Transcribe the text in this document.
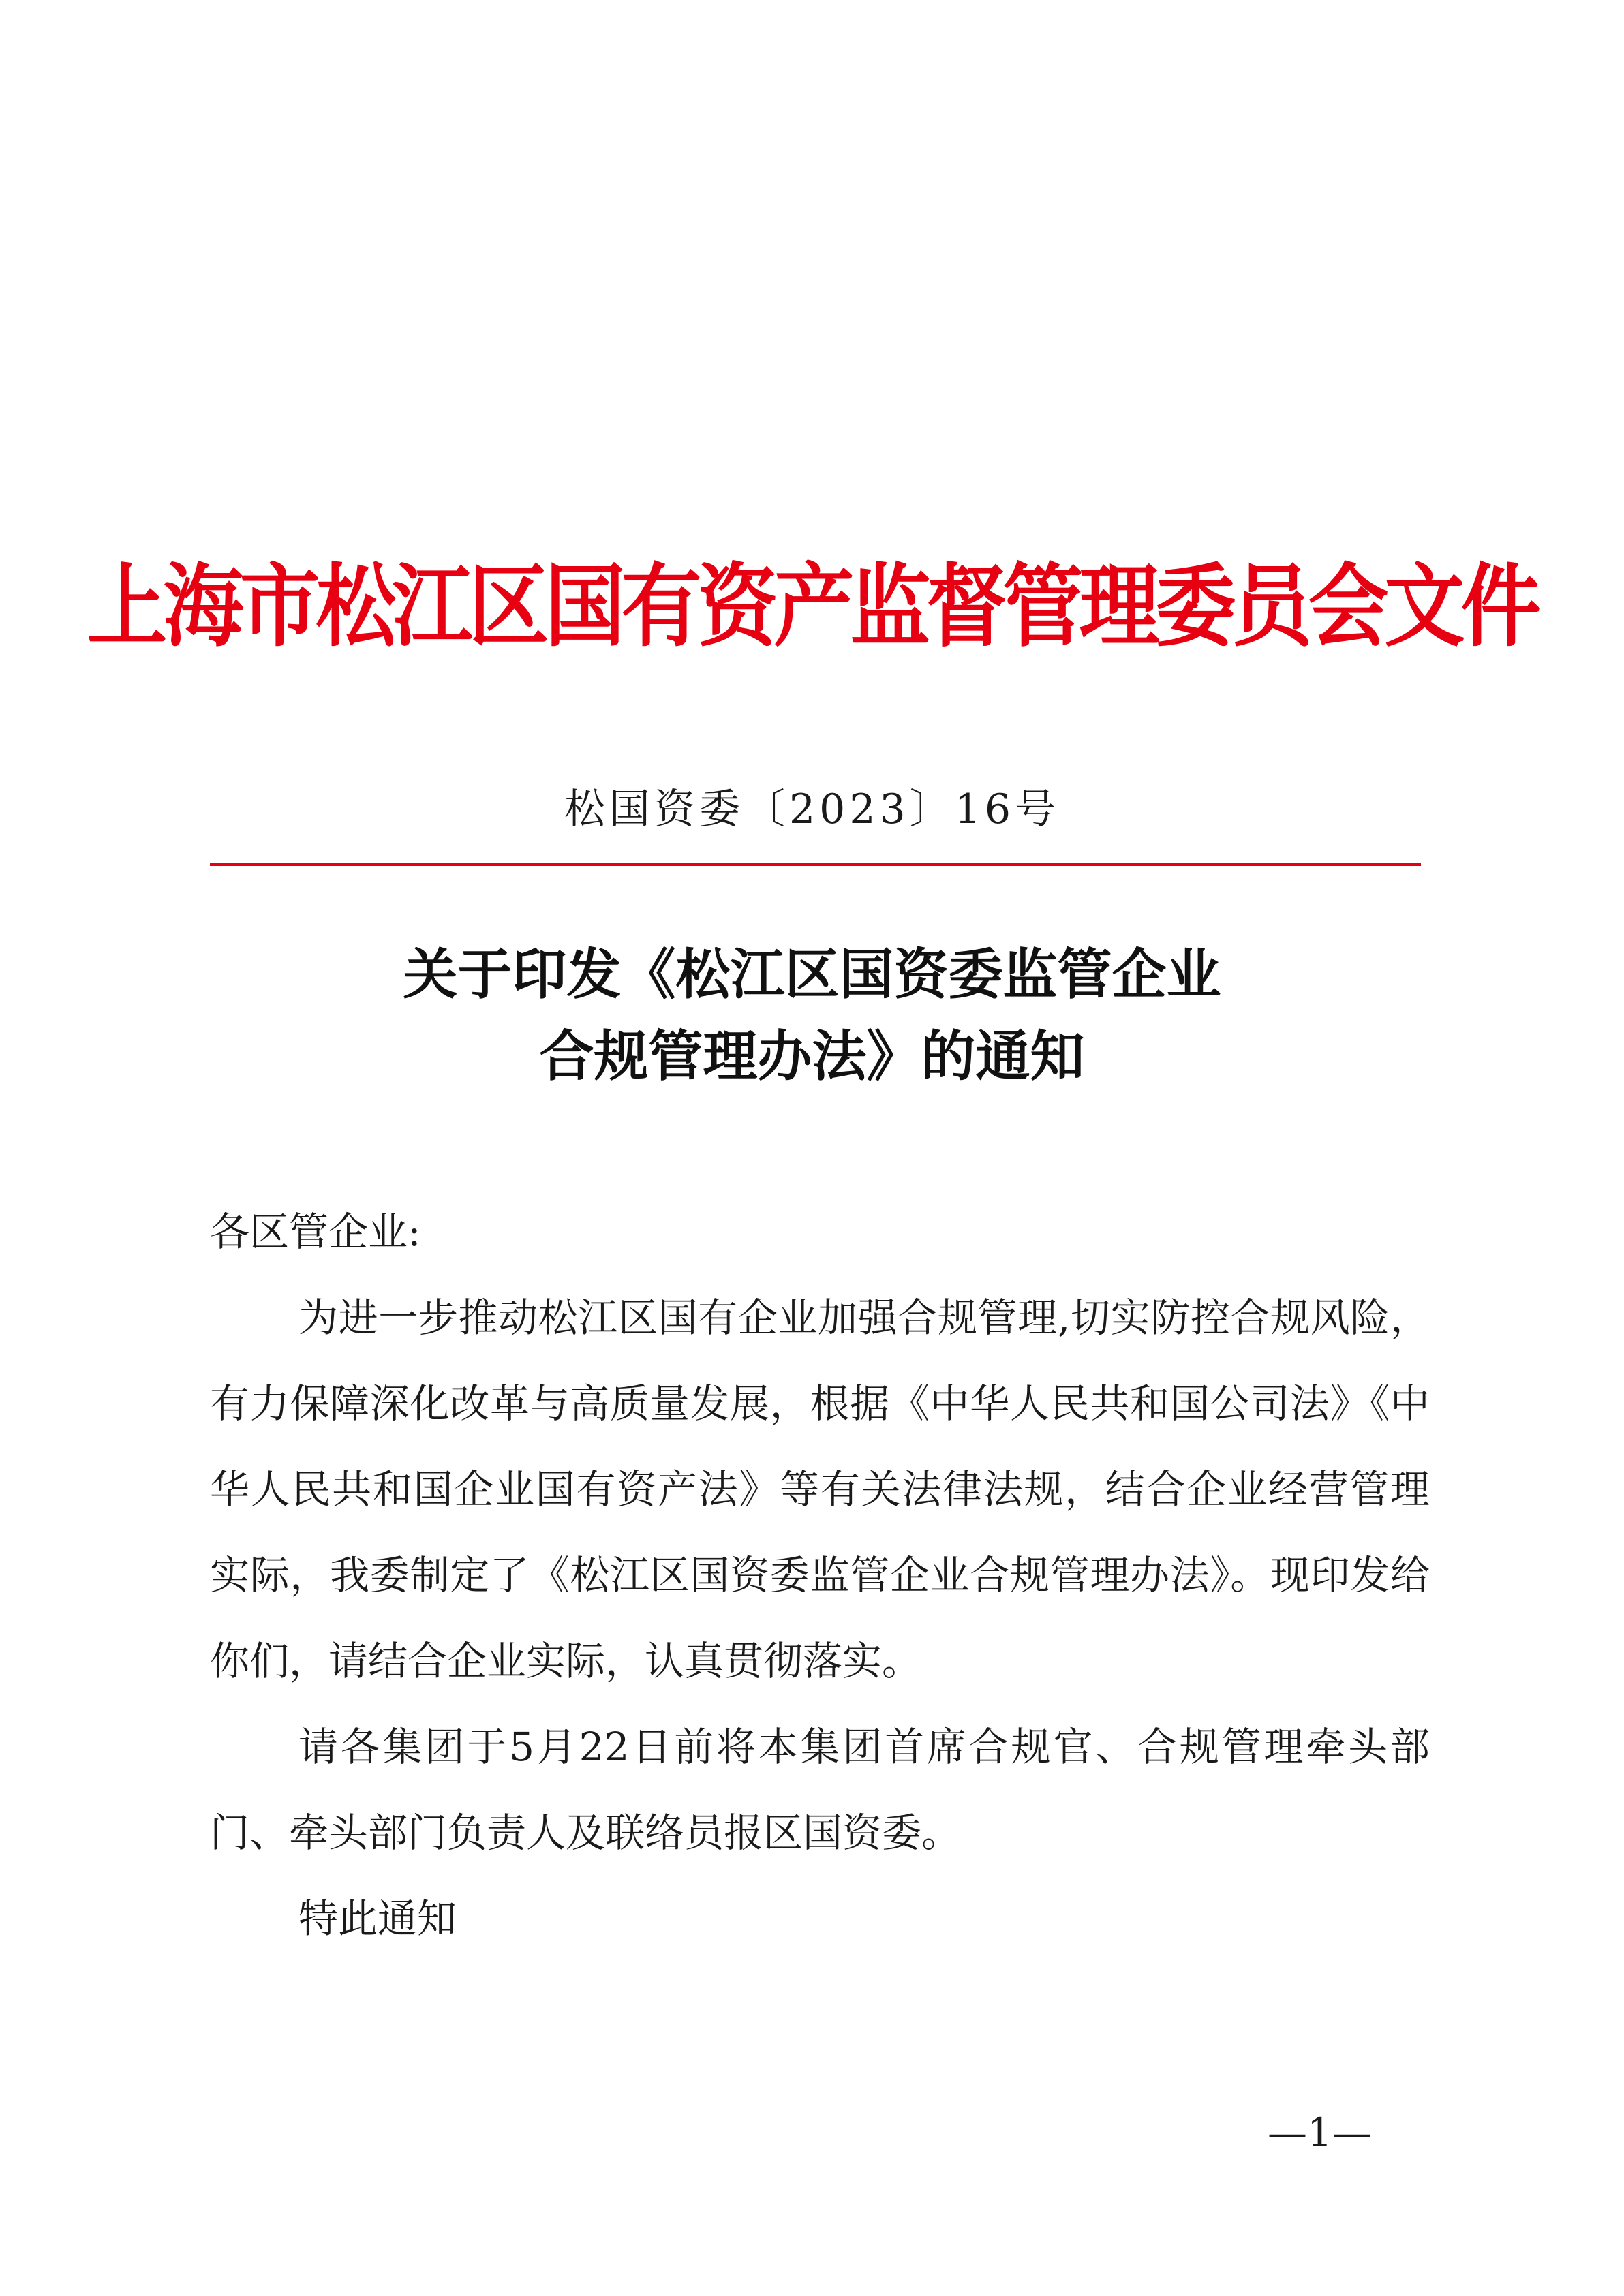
上海市松江区国有资产监督管理委员会文件
松国资委〔2023〕16号
关于印发《松江区国资委监管企业
合规管理办法》的通知
各区管企业:

为进一步推动松江区国有企业加强合规管理,切实防控合规风险，有力保障深化改革与高质量发展，根据《中华人民共和国公司法》《中华人民共和国企业国有资产法》等有关法律法规，结合企业经营管理实际，我委制定了《松江区国资委监管企业合规管理办法》。现印发给你们，请结合企业实际，认真贯彻落实。

请各集团于5月22日前将本集团首席合规官、合规管理牵头部门、牵头部门负责人及联络员报区国资委。

特此通知
—1—
